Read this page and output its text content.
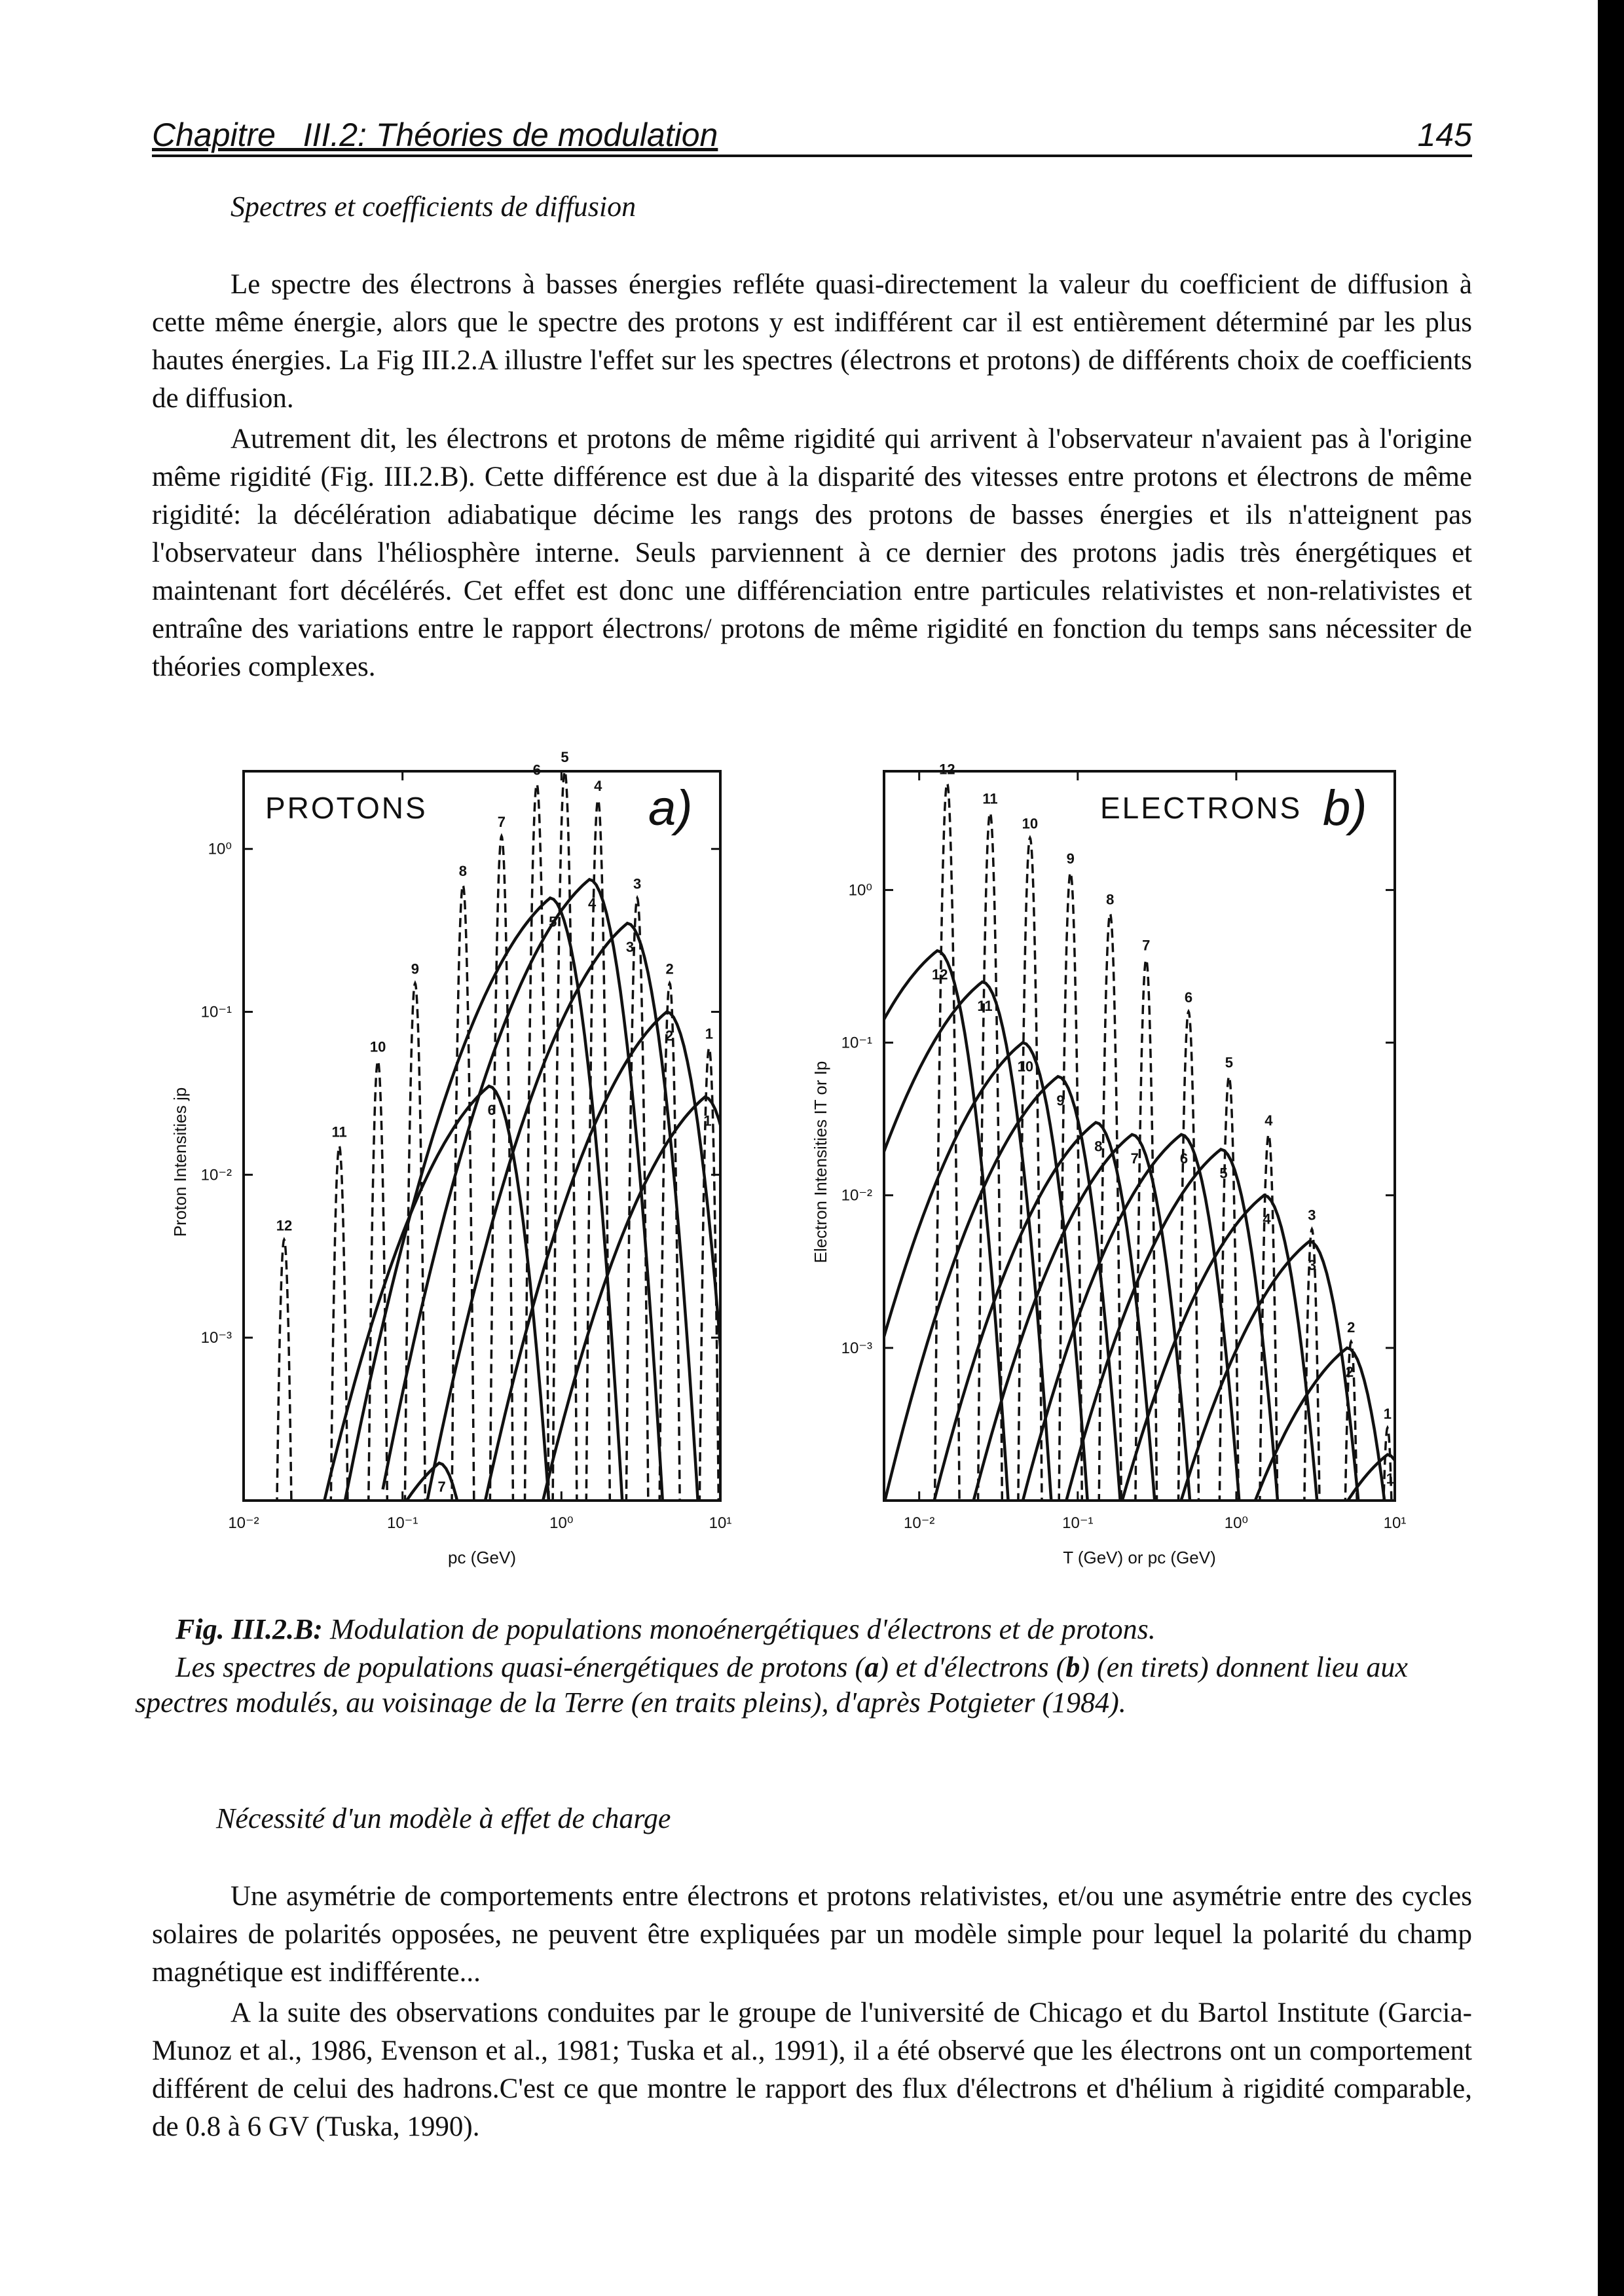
Chapitre   III.2: Théories de modulation	145
Spectres et coefficients de diffusion

Le spectre des électrons à basses énergies refléte quasi-directement la valeur du coefficient de diffusion à cette même énergie, alors que le spectre des protons y est indifférent car il est entièrement déterminé par les plus hautes énergies. La Fig III.2.A illustre l'effet sur les spectres (électrons et protons) de différents choix de coefficients de diffusion.

Autrement dit, les électrons et protons de même rigidité qui arrivent à l'observateur n'avaient pas à l'origine même rigidité (Fig. III.2.B). Cette différence est due à la disparité des vitesses entre protons et électrons de même rigidité: la décélération adiabatique décime les rangs des protons de basses énergies et ils n'atteignent pas l'observateur dans l'héliosphère interne. Seuls parviennent à ce dernier des protons jadis très énergétiques et maintenant fort décélérés. Cet effet est donc une différenciation entre particules relativistes et non-relativistes et entraîne des variations entre le rapport électrons/ protons de même rigidité en fonction du temps sans nécessiter de théories complexes.

10⁻²	10⁻¹	10⁰	10¹
10⁻³
10⁻²
10⁻¹
10⁰
pc (GeV)
Proton Intensities jp
PROTONS	a)
1
1
2
2
3
3
4
4
5
5
6
6
7
7
8
9
10
11
12
10⁻²	10⁻¹	10⁰	10¹
10⁻³
10⁻²
10⁻¹
10⁰
T (GeV) or pc (GeV)
Electron Intensities IT or Ip
ELECTRONS b)
1
1
2
2
3
3
4
4
5
5
6
6
7
7
8
8
9
9
10
10
11
11
12
12

Fig. III.2.B: Modulation de populations monoénergétiques d'électrons et de protons.

Les spectres de populations quasi-énergétiques de protons (a) et d'électrons (b) (en tirets) donnent lieu aux spectres modulés, au voisinage de la Terre (en traits pleins), d'après Potgieter (1984).

Nécessité d'un modèle à effet de charge

Une asymétrie de comportements entre électrons et protons relativistes, et/ou une asymétrie entre des cycles solaires de polarités opposées, ne peuvent être expliquées par un modèle simple pour lequel la polarité du champ magnétique est indifférente...

A la suite des observations conduites par le groupe de l'université de Chicago et du Bartol Institute (Garcia-Munoz et al., 1986, Evenson et al., 1981; Tuska et al., 1991), il a été observé que les électrons ont un comportement différent de celui des hadrons.C'est ce que montre le rapport des flux d'électrons et d'hélium à rigidité comparable, de 0.8 à 6 GV (Tuska, 1990).
